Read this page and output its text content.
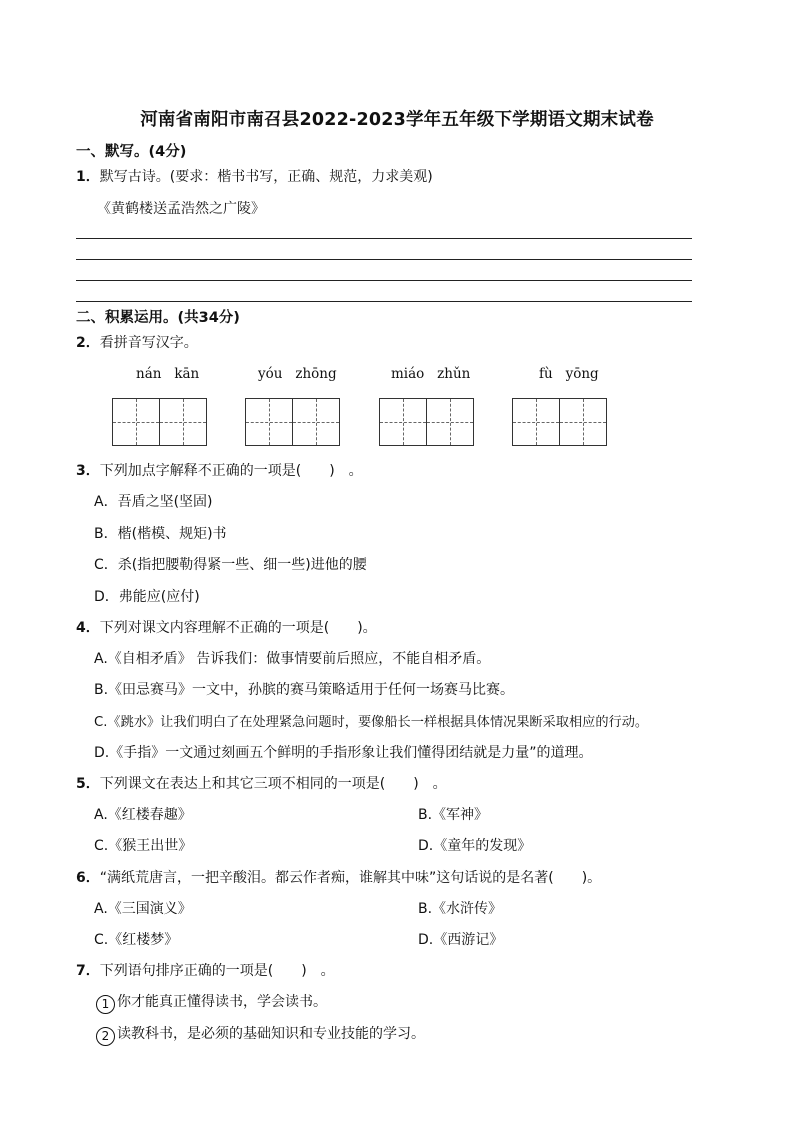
河南省南阳市南召县2022-2023学年五年级下学期语文期末试卷
一、默写。(4分)
1．默写古诗。(要求：楷书书写，正确、规范，力求美观)
《黄鹤楼送孟浩然之广陵》
二、积累运用。(共34分)
2．看拼音写汉字。
nán kān	yóu zhōng	miáo zhǔn	fù yōng
3．下列加点字解释不正确的一项是(　　)　。
A．吾盾之坚(坚固)
B．楷(楷模、规矩)书
C．杀(指把腰勒得紧一些、细一些)进他的腰
D．弗能应(应付)
4．下列对课文内容理解不正确的一项是(　　)。
A.《自相矛盾》 告诉我们：做事情要前后照应，不能自相矛盾。
B.《田忌赛马》一文中，孙膑的赛马策略适用于任何一场赛马比赛。
C.《跳水》让我们明白了在处理紧急问题时，要像船长一样根据具体情况果断采取相应的行动。
D.《手指》一文通过刻画五个鲜明的手指形象让我们懂得团结就是力量”的道理。
5．下列课文在表达上和其它三项不相同的一项是(　　)　。
A.《红楼春趣》	B.《军神》
C.《猴王出世》	D.《童年的发现》
6．“满纸荒唐言，一把辛酸泪。都云作者痴，谁解其中味”这句话说的是名著(　　)。
A.《三国演义》	B.《水浒传》
C.《红楼梦》	D.《西游记》
7．下列语句排序正确的一项是(　　)　。
1 你才能真正懂得读书，学会读书。
2 读教科书，是必须的基础知识和专业技能的学习。
